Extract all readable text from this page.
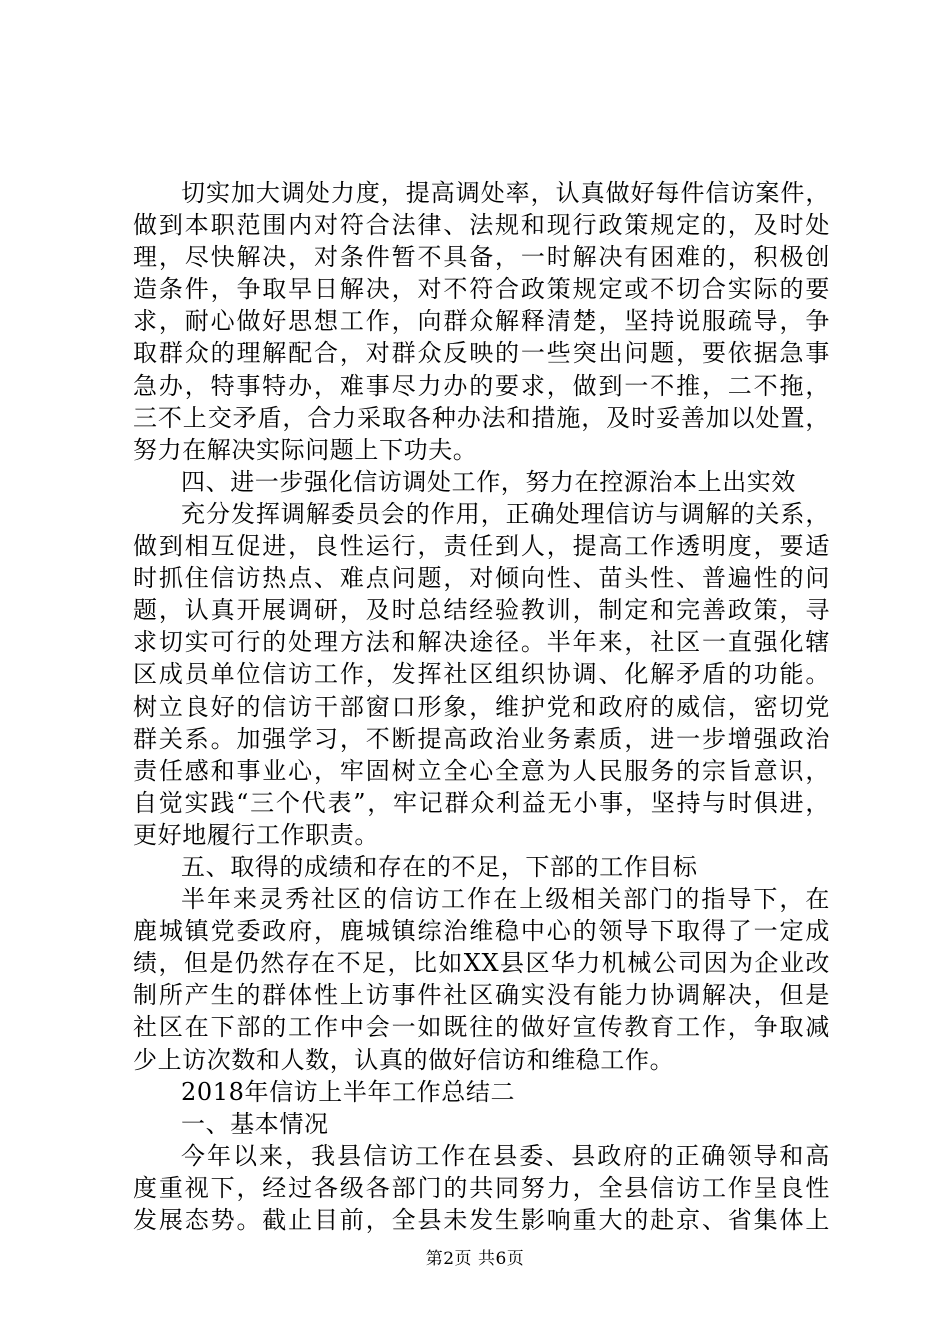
切实加大调处力度，提高调处率，认真做好每件信访案件，
做到本职范围内对符合法律、法规和现行政策规定的，及时处
理，尽快解决，对条件暂不具备，一时解决有困难的，积极创
造条件，争取早日解决，对不符合政策规定或不切合实际的要
求，耐心做好思想工作，向群众解释清楚，坚持说服疏导，争
取群众的理解配合，对群众反映的一些突出问题，要依据急事
急办，特事特办，难事尽力办的要求，做到一不推，二不拖，
三不上交矛盾，合力采取各种办法和措施，及时妥善加以处置，
努力在解决实际问题上下功夫。
四、进一步强化信访调处工作，努力在控源治本上出实效
充分发挥调解委员会的作用，正确处理信访与调解的关系，
做到相互促进，良性运行，责任到人，提高工作透明度，要适
时抓住信访热点、难点问题，对倾向性、苗头性、普遍性的问
题，认真开展调研，及时总结经验教训，制定和完善政策，寻
求切实可行的处理方法和解决途径。半年来，社区一直强化辖
区成员单位信访工作，发挥社区组织协调、化解矛盾的功能。
树立良好的信访干部窗口形象，维护党和政府的威信，密切党
群关系。加强学习，不断提高政治业务素质，进一步增强政治
责任感和事业心，牢固树立全心全意为人民服务的宗旨意识，
自觉实践“三个代表”，牢记群众利益无小事，坚持与时俱进，
更好地履行工作职责。
五、取得的成绩和存在的不足，下部的工作目标
半年来灵秀社区的信访工作在上级相关部门的指导下，在
鹿城镇党委政府，鹿城镇综治维稳中心的领导下取得了一定成
绩，但是仍然存在不足，比如XX县区华力机械公司因为企业改
制所产生的群体性上访事件社区确实没有能力协调解决，但是
社区在下部的工作中会一如既往的做好宣传教育工作，争取减
少上访次数和人数，认真的做好信访和维稳工作。
2018年信访上半年工作总结二
一、基本情况
今年以来，我县信访工作在县委、县政府的正确领导和高
度重视下，经过各级各部门的共同努力，全县信访工作呈良性
发展态势。截止目前，全县未发生影响重大的赴京、省集体上
第2页 共6页
